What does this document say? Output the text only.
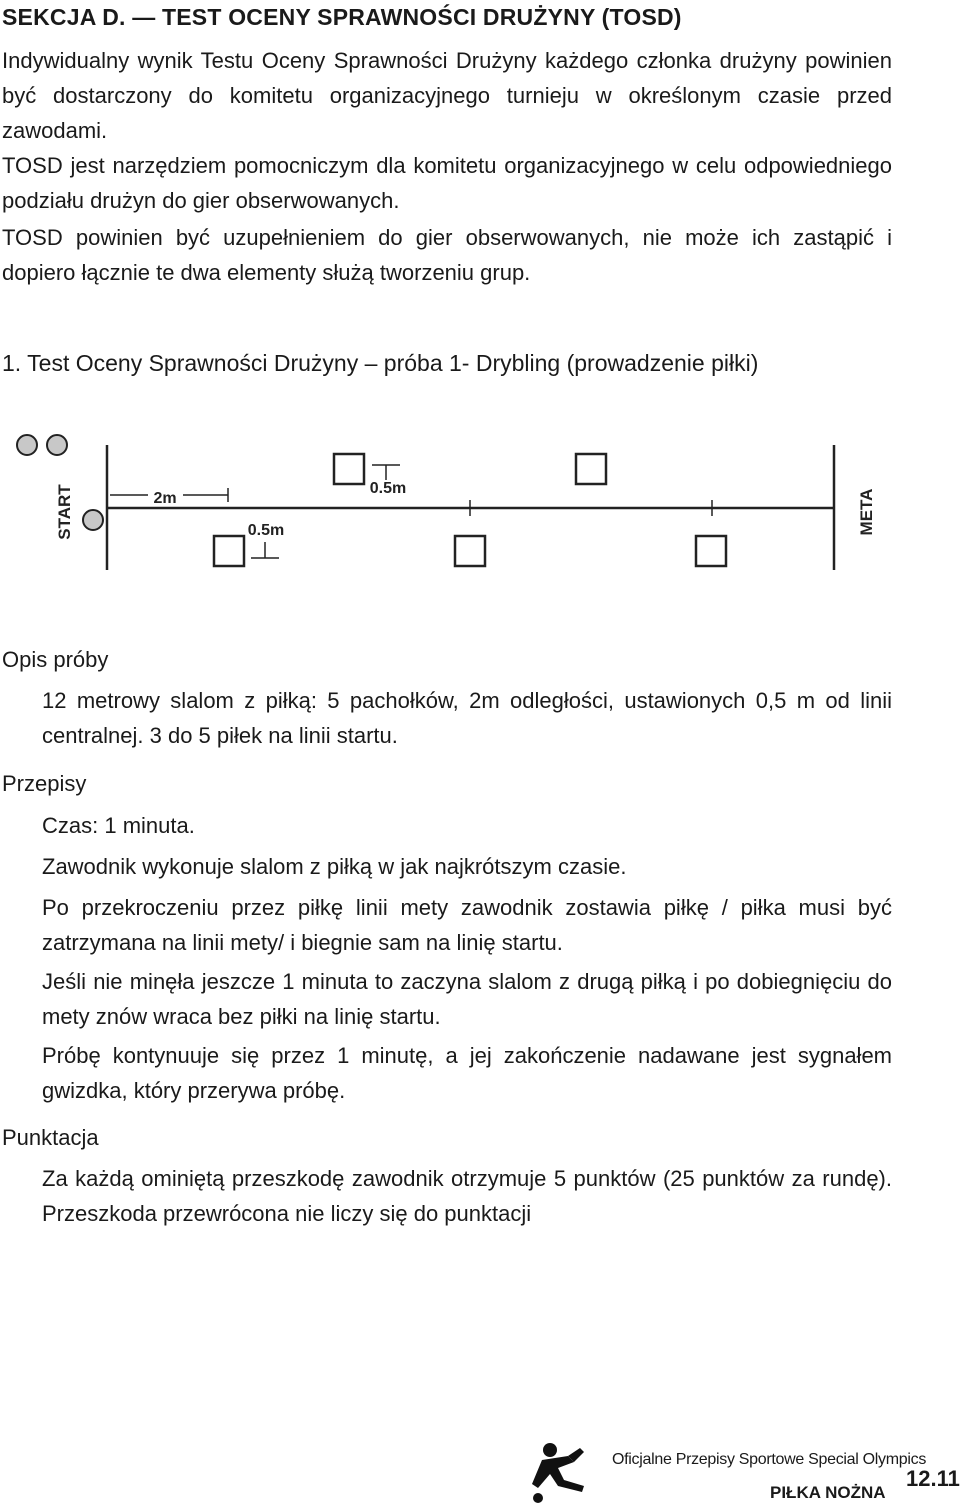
SEKCJA D. — TEST OCENY SPRAWNOŚCI DRUŻYNY (TOSD)

Indywidualny wynik Testu Oceny Sprawności Drużyny każdego członka drużyny powinien być dostarczony do komitetu organizacyjnego turnieju w określonym czasie przed zawodami.

TOSD jest narzędziem pomocniczym dla komitetu organizacyjnego w celu odpowiedniego podziału drużyn do gier obserwowanych.

TOSD powinien być uzupełnieniem do gier obserwowanych, nie może ich zastąpić i dopiero łącznie te dwa elementy służą tworzeniu grup.

1. Test Oceny Sprawności Drużyny – próba 1- Drybling (prowadzenie piłki)
START	META
2m
0.5m
0.5m

Opis próby

12 metrowy slalom z piłką: 5 pachołków, 2m odległości, ustawionych 0,5 m od linii centralnej. 3 do 5 piłek na linii startu.

Przepisy

Czas: 1 minuta.

Zawodnik wykonuje slalom z piłką w jak najkrótszym czasie.

Po przekroczeniu przez piłkę linii mety zawodnik zostawia piłkę / piłka musi być zatrzymana na linii mety/ i biegnie sam na linię startu.

Jeśli nie minęła jeszcze 1 minuta to zaczyna slalom z drugą piłką i po dobiegnięciu do mety znów wraca bez piłki na linię startu.

Próbę kontynuuje się przez 1 minutę, a jej zakończenie nadawane jest sygnałem gwizdka, który przerywa próbę.

Punktacja

Za każdą ominiętą przeszkodę zawodnik otrzymuje 5 punktów (25 punktów za rundę). Przeszkoda przewrócona nie liczy się do punktacji

Oficjalne Przepisy Sportowe Special Olympics
PIŁKA NOŻNA
12.11
